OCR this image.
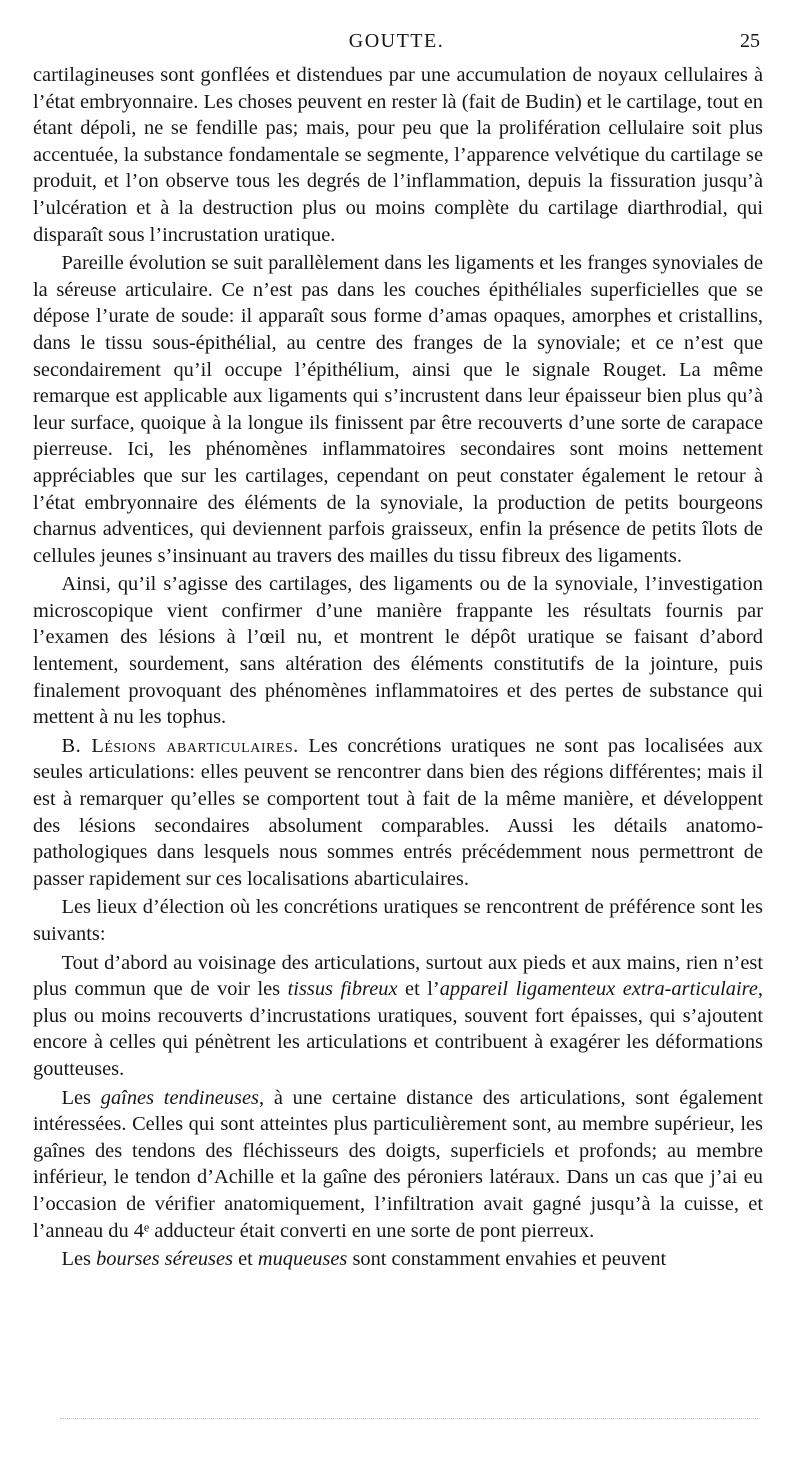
GOUTTE.	25

cartilagineuses sont gonflées et distendues par une accumulation de noyaux cellulaires à l’état embryonnaire. Les choses peuvent en rester là (fait de Budin) et le cartilage, tout en étant dépoli, ne se fendille pas; mais, pour peu que la prolifération cellulaire soit plus accentuée, la substance fondamentale se segmente, l’apparence velvétique du cartilage se produit, et l’on observe tous les degrés de l’inflammation, depuis la fissuration jusqu’à l’ulcération et à la destruction plus ou moins complète du cartilage diarthrodial, qui disparaît sous l’incrustation uratique.

Pareille évolution se suit parallèlement dans les ligaments et les franges synoviales de la séreuse articulaire. Ce n’est pas dans les couches épithéliales superficielles que se dépose l’urate de soude: il apparaît sous forme d’amas opaques, amorphes et cristallins, dans le tissu sous-épithélial, au centre des franges de la synoviale; et ce n’est que secondairement qu’il occupe l’épithélium, ainsi que le signale Rouget. La même remarque est applicable aux ligaments qui s’incrustent dans leur épaisseur bien plus qu’à leur surface, quoique à la longue ils finissent par être recouverts d’une sorte de carapace pierreuse. Ici, les phénomènes inflammatoires secondaires sont moins nettement appréciables que sur les cartilages, cependant on peut constater également le retour à l’état embryonnaire des éléments de la synoviale, la production de petits bourgeons charnus adventices, qui deviennent parfois graisseux, enfin la présence de petits îlots de cellules jeunes s’insinuant au travers des mailles du tissu fibreux des ligaments.

Ainsi, qu’il s’agisse des cartilages, des ligaments ou de la synoviale, l’investigation microscopique vient confirmer d’une manière frappante les résultats fournis par l’examen des lésions à l’œil nu, et montrent le dépôt uratique se faisant d’abord lentement, sourdement, sans altération des éléments constitutifs de la jointure, puis finalement provoquant des phénomènes inflammatoires et des pertes de substance qui mettent à nu les tophus.

B. Lésions abarticulaires. Les concrétions uratiques ne sont pas localisées aux seules articulations: elles peuvent se rencontrer dans bien des régions différentes; mais il est à remarquer qu’elles se comportent tout à fait de la même manière, et développent des lésions secondaires absolument comparables. Aussi les détails anatomo-pathologiques dans lesquels nous sommes entrés précédemment nous permettront de passer rapidement sur ces localisations abarticulaires.

Les lieux d’élection où les concrétions uratiques se rencontrent de préférence sont les suivants:

Tout d’abord au voisinage des articulations, surtout aux pieds et aux mains, rien n’est plus commun que de voir les tissus fibreux et l’appareil ligamenteux extra-articulaire, plus ou moins recouverts d’incrustations uratiques, souvent fort épaisses, qui s’ajoutent encore à celles qui pénètrent les articulations et contribuent à exagérer les déformations goutteuses.

Les gaînes tendineuses, à une certaine distance des articulations, sont également intéressées. Celles qui sont atteintes plus particulièrement sont, au membre supérieur, les gaînes des tendons des fléchisseurs des doigts, superficiels et profonds; au membre inférieur, le tendon d’Achille et la gaîne des péroniers latéraux. Dans un cas que j’ai eu l’occasion de vérifier anatomiquement, l’infiltration avait gagné jusqu’à la cuisse, et l’anneau du 4ᵉ adducteur était converti en une sorte de pont pierreux.

Les bourses séreuses et muqueuses sont constamment envahies et peuvent
